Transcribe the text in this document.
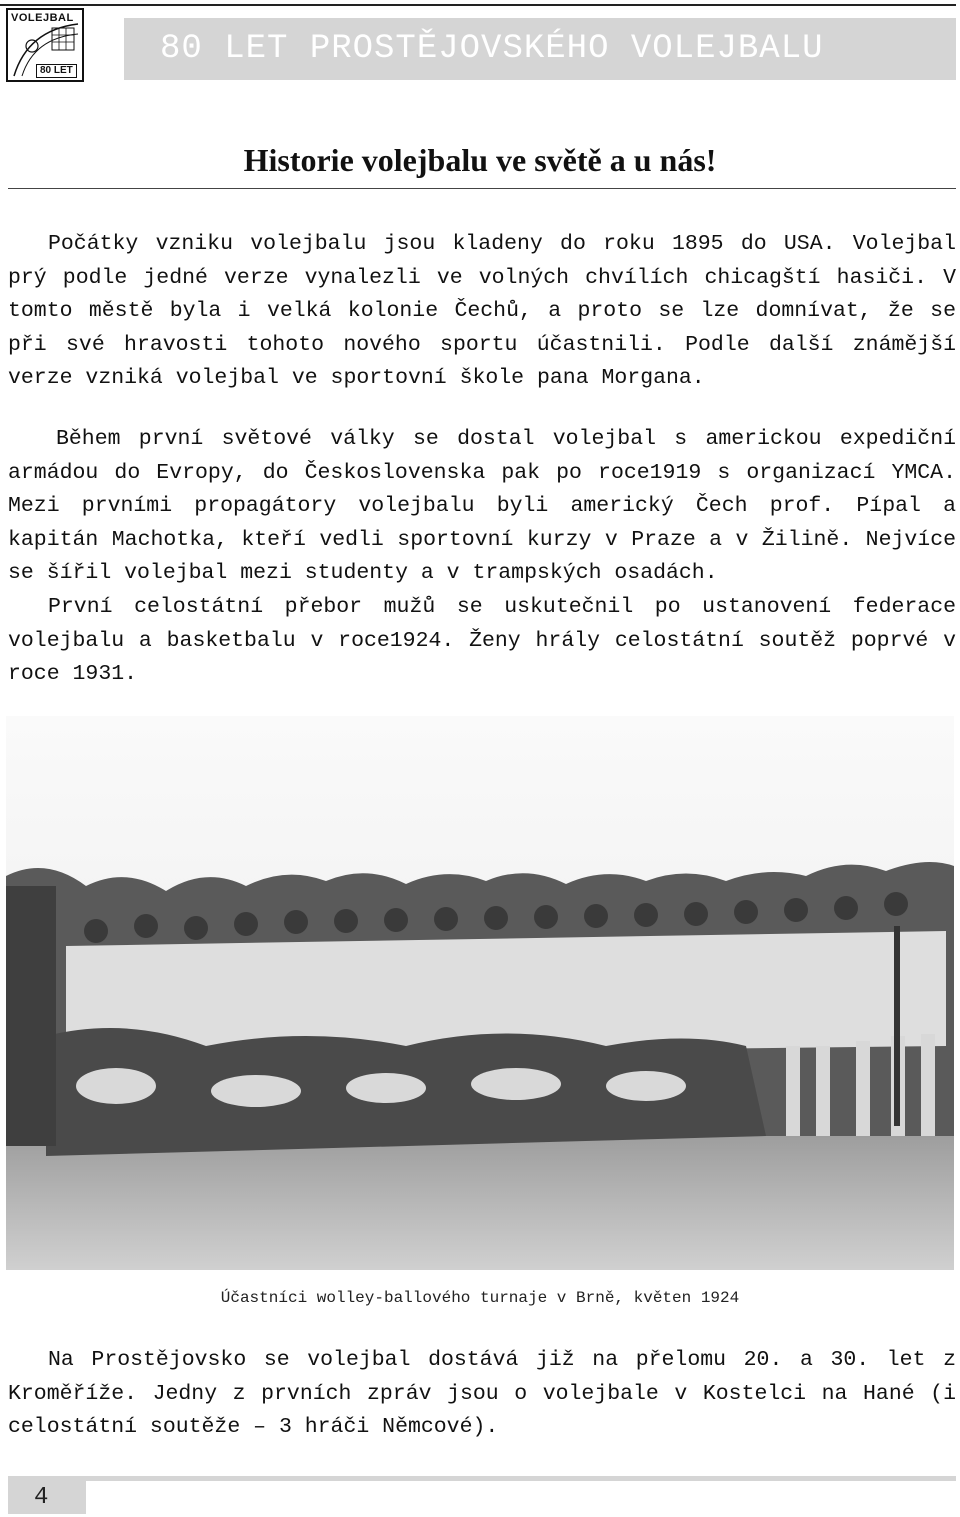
VOLEJBAL
80 LET
80 LET PROSTĚJOVSKÉHO VOLEJBALU
Historie volejbalu ve světě a u nás!

Počátky vzniku volejbalu jsou kladeny do roku 1895 do USA. Volejbal prý podle jedné verze vynalezli ve volných chvílích chicagští hasiči. V tomto městě byla i velká kolonie Čechů, a proto se lze domnívat, že se při své hravosti tohoto nového sportu účastnili. Podle další známější verze vzniká volejbal ve sportovní škole pana Morgana.

Během první světové války se dostal volejbal s americkou expediční armádou do Evropy, do Československa pak po roce1919 s organizací YMCA. Mezi prvními propagátory volejbalu byli americký Čech prof. Pípal a kapitán Machotka, kteří vedli sportovní kurzy v Praze a v Žilině. Nejvíce se šířil volejbal mezi studenty a v trampských osadách.

První celostátní přebor mužů se uskutečnil po ustanovení federace volejbalu a basketbalu v roce1924. Ženy hrály celostátní soutěž poprvé v roce 1931.

Účastníci wolley-ballového turnaje v Brně, květen 1924

Na Prostějovsko se volejbal dostává již na přelomu 20. a 30. let z Kroměříže. Jedny z prvních zpráv jsou o volejbale v Kostelci na Hané (i celostátní soutěže – 3 hráči Němcové).

4
